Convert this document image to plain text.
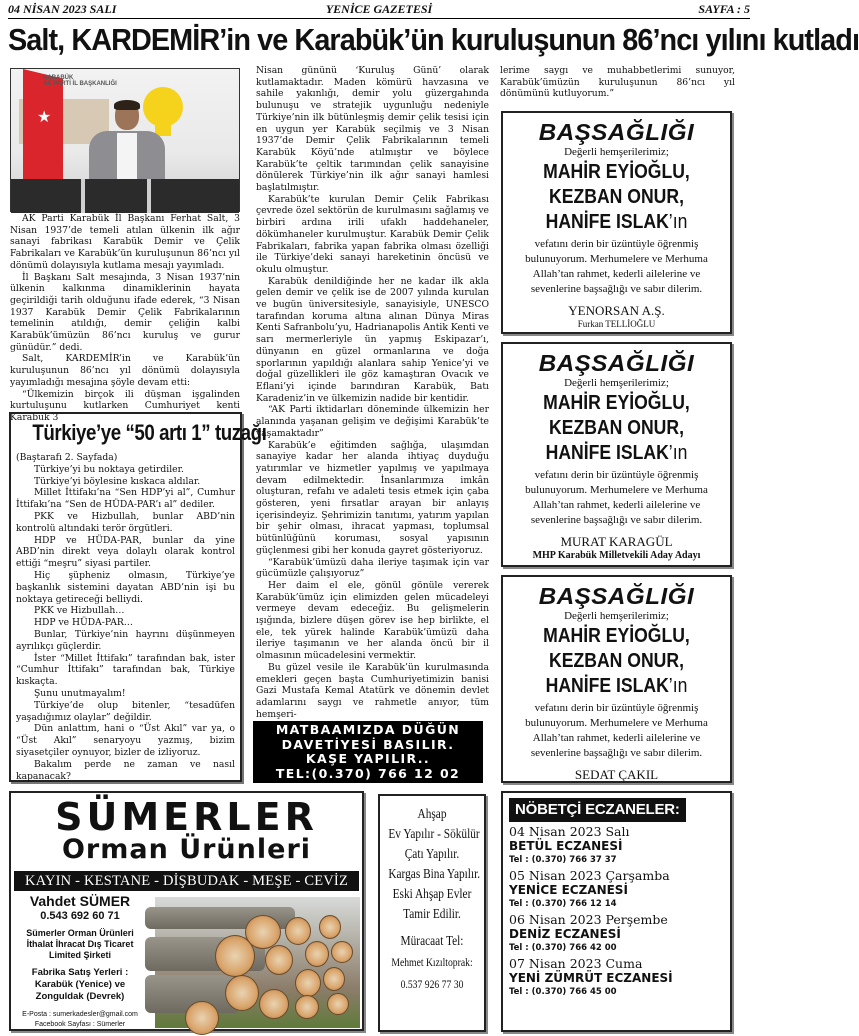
04 NİSAN 2023 SALI	YENİCE GAZETESİ	SAYFA : 5
Salt, KARDEMİR’in ve Karabük’ün kuruluşunun 86’ncı yılını kutladı
★
KARABÜK
AK PARTİ İL BAŞKANLIĞI

AK Parti Karabük İl Başkanı Ferhat Salt, 3 Nisan 1937’de temeli atılan ülkenin ilk ağır sanayi fabrikası Karabük Demir ve Çelik Fabrikaları ve Karabük’ün kuruluşunun 86’ncı yıl dönümü dolayısıyla kutlama mesajı yayımladı.

İl Başkanı Salt mesajında, 3 Nisan 1937’nin ülkenin kalkınma dinamiklerinin hayata geçirildiği tarih olduğunu ifade ederek, “3 Nisan 1937 Karabük Demir Çelik Fabrikalarının temelinin atıldığı, demir çeliğin kalbi Karabük’ümüzün 86’ncı kuruluş ve gurur günüdür.” dedi.

Salt, KARDEMİR’in ve Karabük’ün kuruluşunun 86’ncı yıl dönümü dolayısıyla yayımladığı mesajına şöyle devam etti:

“Ülkemizin birçok ili düşman işgalinden kurtuluşunu kutlarken Cumhuriyet kenti Karabük 3

Türkiye’ye “50 artı 1” tuzağı

(Baştarafı 2. Sayfada)

Türkiye’yi bu noktaya getirdiler.

Türkiye’yi böylesine kıskaca aldılar.

Millet İttifakı’na “Sen HDP’yi al”, Cumhur İttifakı’na “Sen de HÜDA-PAR’ı al” dediler.

PKK ve Hizbullah, bunlar ABD’nin kontrolü altındaki terör örgütleri.

HDP ve HÜDA-PAR, bunlar da yine ABD’nin direkt veya dolaylı olarak kontrol ettiği “meşru” siyasi partiler.

Hiç şüpheniz olmasın, Türkiye’ye başkanlık sistemini dayatan ABD’nin işi bu noktaya getireceği belliydi.

PKK ve Hizbullah…

HDP ve HÜDA-PAR…

Bunlar, Türkiye’nin hayrını düşünmeyen ayrılıkçı güçlerdir.

İster “Millet İttifakı” tarafından bak, ister “Cumhur İttifakı” tarafından bak, Türkiye kıskaçta.

Şunu unutmayalım!

Türkiye’de olup bitenler, “tesadüfen yaşadığımız olaylar” değildir.

Dün anlattım, hani o “Üst Akıl” var ya, o “Üst Akıl” senaryoyu yazmış, bizim siyasetçiler oynuyor, bizler de izliyoruz.

Bakalım perde ne zaman ve nasıl kapanacak?

Nisan gününü ‘Kuruluş Günü’ olarak kutlamaktadır. Maden kömürü havzasına ve sahile yakınlığı, demir yolu güzergahında bulunuşu ve stratejik uygunluğu nedeniyle Türkiye’nin ilk bütünleşmiş demir çelik tesisi için en uygun yer Karabük seçilmiş ve 3 Nisan 1937’de Demir Çelik Fabrikalarının temeli Karabük Köyü’nde atılmıştır ve böylece Karabük’te çeltik tarımından çelik sanayisine dönülerek Türkiye’nin ilk ağır sanayi hamlesi başlatılmıştır.

Karabük’te kurulan Demir Çelik Fabrikası çevrede özel sektörün de kurulmasını sağlamış ve birbiri ardına irili ufaklı haddehaneler, dökümhaneler kurulmuştur. Karabük Demir Çelik Fabrikaları, fabrika yapan fabrika olması özelliği ile Türkiye’deki sanayi hareketinin öncüsü ve okulu olmuştur.

Karabük denildiğinde her ne kadar ilk akla gelen demir ve çelik ise de 2007 yılında kurulan ve bugün üniversitesiyle, sanayisiyle, UNESCO tarafından koruma altına alınan Dünya Miras Kenti Safranbolu’yu, Hadrianapolis Antik Kenti ve sarı mermerleriyle ün yapmış Eskipazar’ı, dünyanın en güzel ormanlarına ve doğa sporlarının yapıldığı alanlara sahip Yenice’yi ve doğal güzellikleri ile göz kamaştıran Ovacık ve Eflani’yi içinde barındıran Karabük, Batı Karadeniz’in ve ülkemizin nadide bir kentidir.

“AK Parti iktidarları döneminde ülkemizin her alanında yaşanan gelişim ve değişimi Karabük’te yaşamaktadır”

Karabük’e eğitimden sağlığa, ulaşımdan sanayiye kadar her alanda ihtiyaç duyduğu yatırımlar ve hizmetler yapılmış ve yapılmaya devam edilmektedir. İnsanlarımıza imkân oluşturan, refahı ve adaleti tesis etmek için çaba gösteren, yeni fırsatlar arayan bir anlayış içerisindeyiz. Şehrimizin tanıtımı, yatırım yapılan bir şehir olması, ihracat yapması, toplumsal bütünlüğünü koruması, sosyal yapısının güçlenmesi gibi her konuda gayret gösteriyoruz.

“Karabük’ümüzü daha ileriye taşımak için var gücümüzle çalışıyoruz”

Her daim el ele, gönül gönüle vererek Karabük’ümüz için elimizden gelen mücadeleyi vermeye devam edeceğiz. Bu gelişmelerin ışığında, bizlere düşen görev ise hep birlikte, el ele, tek yürek halinde Karabük’ümüzü daha ileriye taşımanın ve her alanda öncü bir il olmasının mücadelesini vermektir.

Bu güzel vesile ile Karabük’ün kurulmasında emekleri geçen başta Cumhuriyetimizin banisi Gazi Mustafa Kemal Atatürk ve dönemin devlet adamlarını saygı ve rahmetle anıyor, tüm hemşeri-

MATBAAMIZDA DÜĞÜN
DAVETİYESİ BASILIR.
KAŞE YAPILIR..
TEL:(0.370) 766 12 02

lerime saygı ve muhabbetlerimi sunuyor, Karabük’ümüzün kuruluşunun 86’ncı yıl dönümünü kutluyorum.”

BAŞSAĞLIĞI
Değerli hemşerilerimiz;
MAHİR EYİOĞLU,
KEZBAN ONUR,
HANİFE ISLAK’ın
vefatını derin bir üzüntüyle öğrenmiş
bulunuyorum. Merhumelere ve Merhuma
Allah’tan rahmet, kederli ailelerine ve
sevenlerine başsağlığı ve sabır dilerim.
YENORSAN A.Ş.
Furkan TELLİOĞLU
BAŞSAĞLIĞI
Değerli hemşerilerimiz;
MAHİR EYİOĞLU,
KEZBAN ONUR,
HANİFE ISLAK’ın
vefatını derin bir üzüntüyle öğrenmiş
bulunuyorum. Merhumelere ve Merhuma
Allah’tan rahmet, kederli ailelerine ve
sevenlerine başsağlığı ve sabır dilerim.
MURAT KARAGÜL
MHP Karabük Milletvekili Aday Adayı
BAŞSAĞLIĞI
Değerli hemşerilerimiz;
MAHİR EYİOĞLU,
KEZBAN ONUR,
HANİFE ISLAK’ın
vefatını derin bir üzüntüyle öğrenmiş
bulunuyorum. Merhumelere ve Merhuma
Allah’tan rahmet, kederli ailelerine ve
sevenlerine başsağlığı ve sabır dilerim.
SEDAT ÇAKIL
SÜMERLER
Orman Ürünleri
KAYIN - KESTANE - DİŞBUDAK - MEŞE - CEVİZ
Vahdet SÜMER
0.543 692 60 71
Sümerler Orman Ürünleri
İthalat İhracat Dış Ticaret
Limited Şirketi
Fabrika Satış Yerleri :
Karabük (Yenice) ve
Zonguldak (Devrek)
E-Posta : sumerkadesler@gmail.com
Facebook Sayfası : Sümerler
Ahşap
Ev Yapılır - Sökülür
Çatı Yapılır.
Kargas Bina Yapılır.
Eski Ahşap Evler
Tamir Edilir.
Müracaat Tel:
Mehmet Kızıltoprak:
0.537 926 77 30
NÖBETÇİ ECZANELER:
04 Nisan 2023 Salı
BETÜL ECZANESİ
Tel : (0.370) 766 37 37
05 Nisan 2023 Çarşamba
YENİCE ECZANESİ
Tel : (0.370) 766 12 14
06 Nisan 2023 Perşembe
DENİZ ECZANESİ
Tel : (0.370) 766 42 00
07 Nisan 2023 Cuma
YENİ ZÜMRÜT ECZANESİ
Tel : (0.370) 766 45 00
